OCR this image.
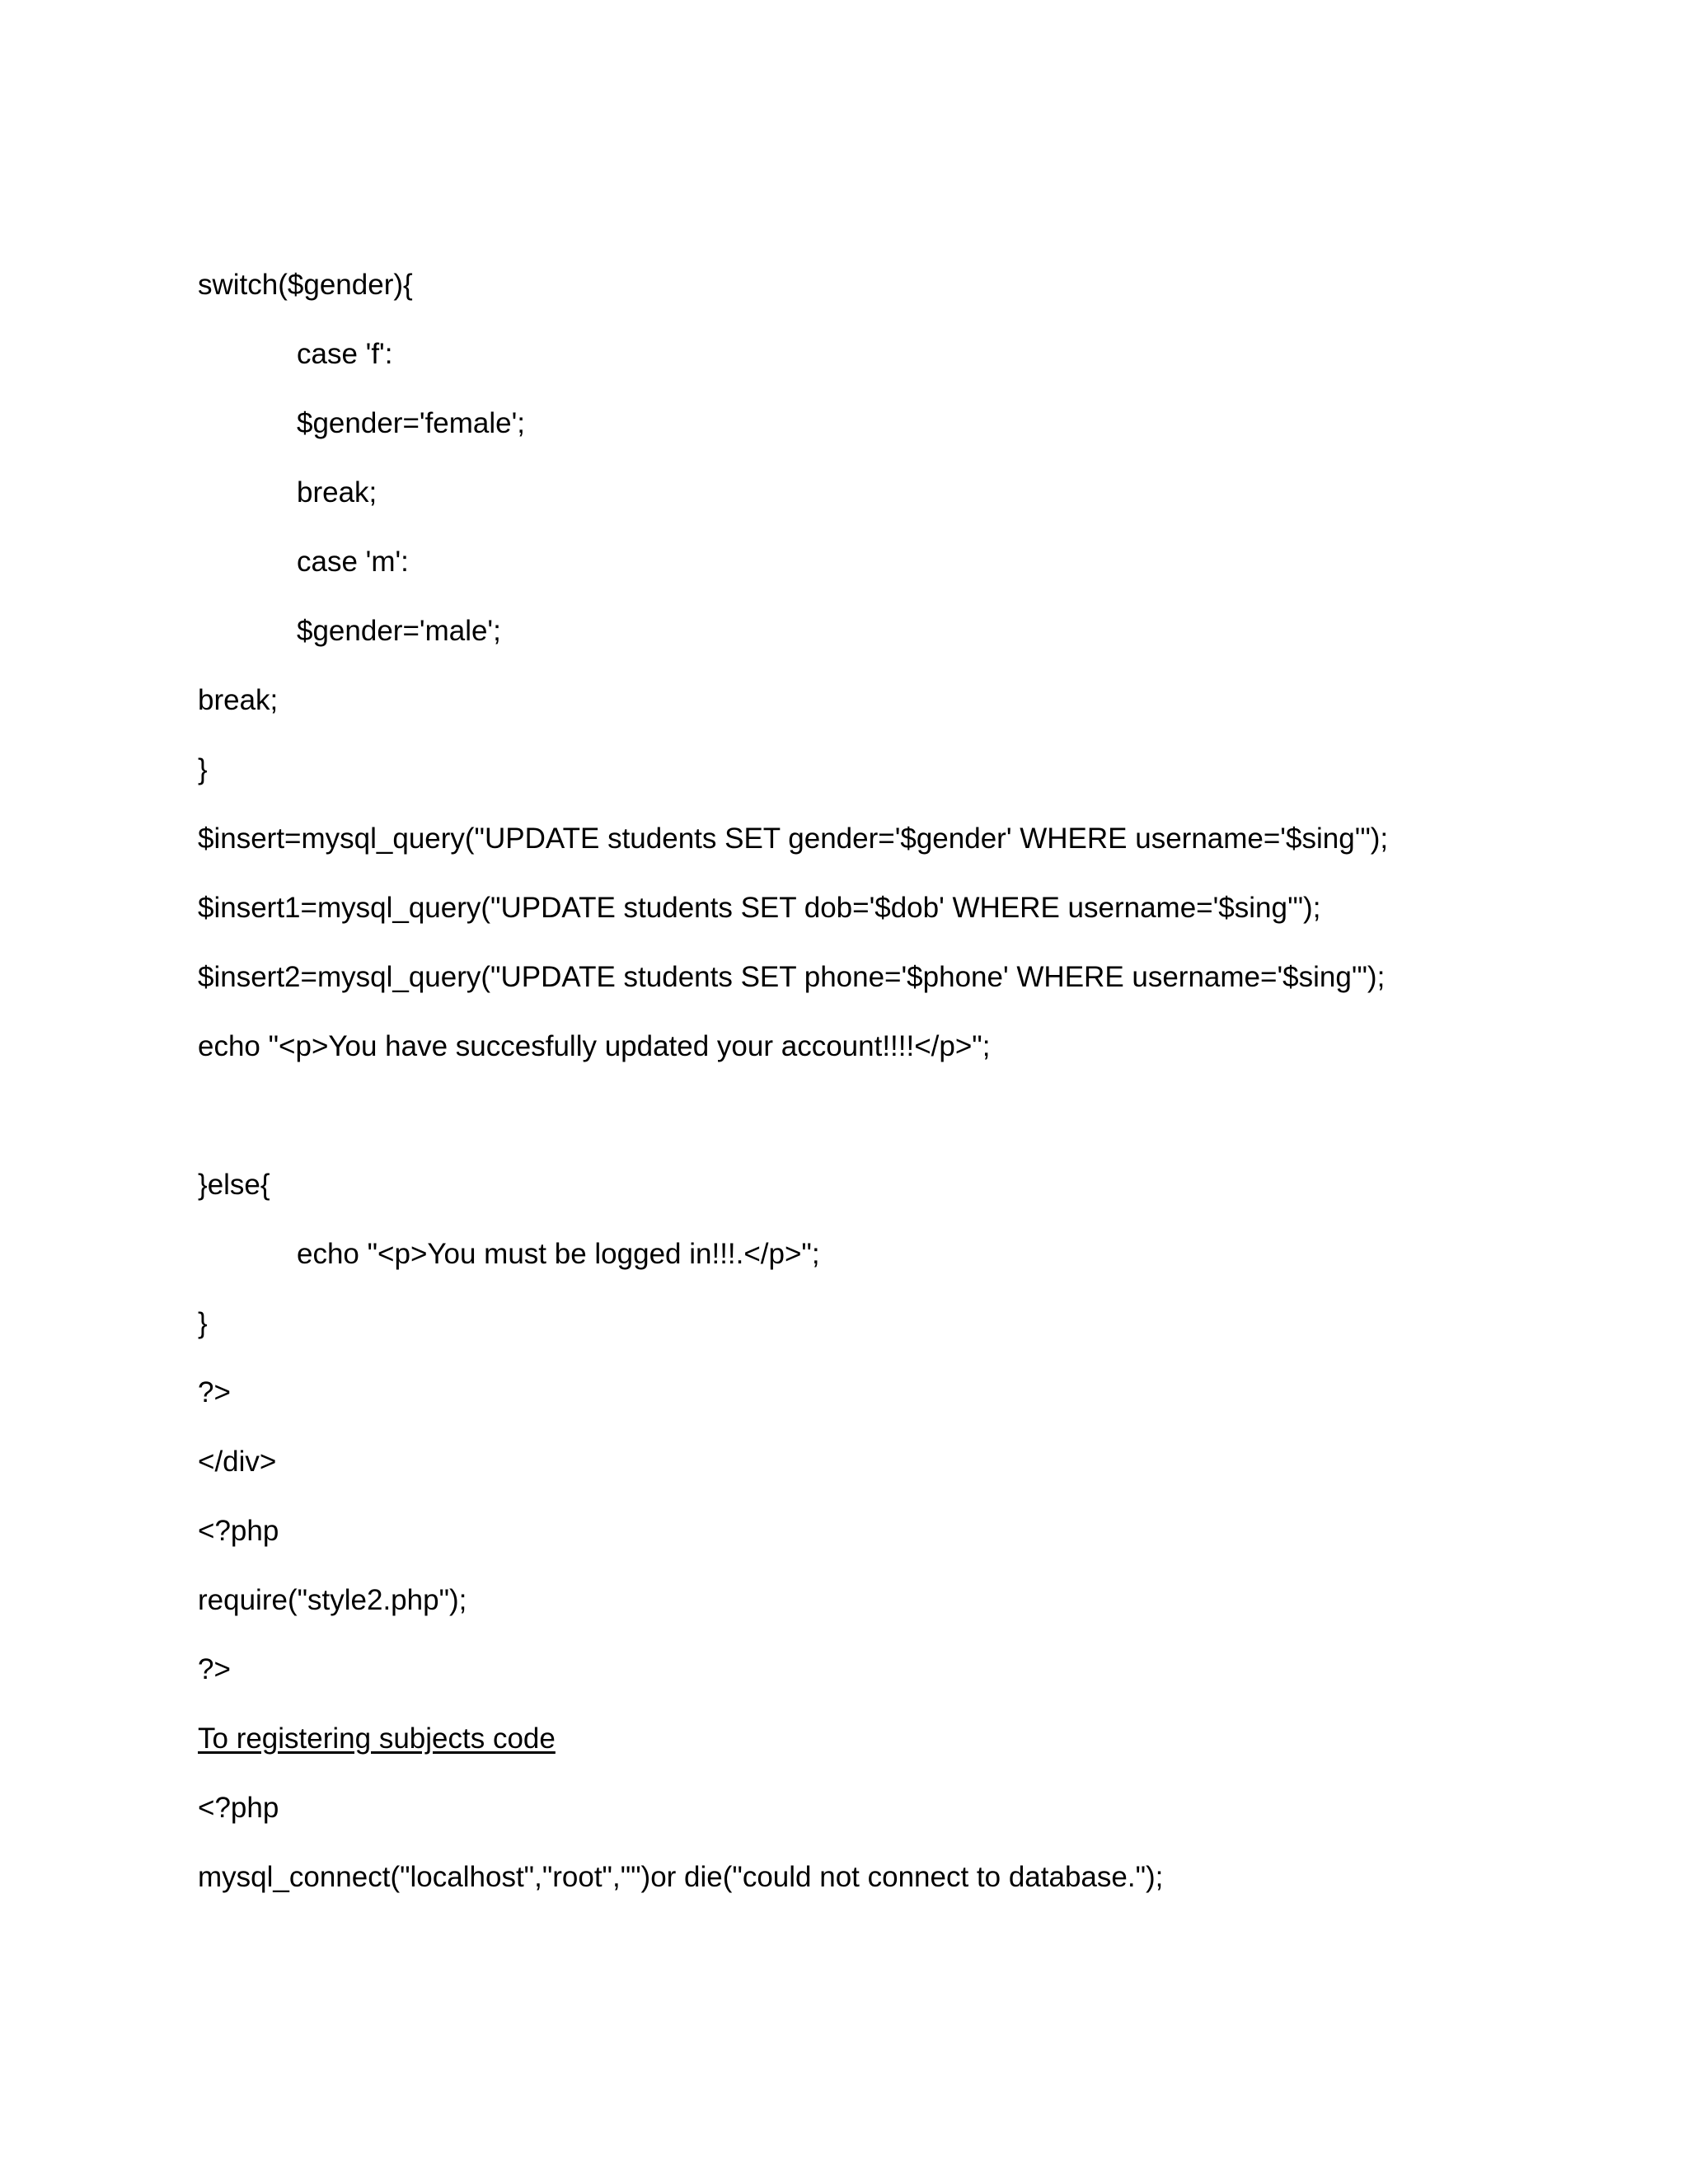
switch($gender){

case 'f':

$gender='female';

break;

case 'm':

$gender='male';

break;

}

$insert=mysql_query("UPDATE students SET gender='$gender' WHERE username='$sing'");

$insert1=mysql_query("UPDATE students SET dob='$dob' WHERE username='$sing'");

$insert2=mysql_query("UPDATE students SET phone='$phone' WHERE username='$sing'");

echo "<p>You have succesfully updated your account!!!!</p>";

}else{

echo "<p>You must be logged in!!!.</p>";

}

?>

</div>

<?php

require("style2.php");

?>

To registering subjects code

<?php

mysql_connect("localhost","root","")or die("could not connect to database.");
